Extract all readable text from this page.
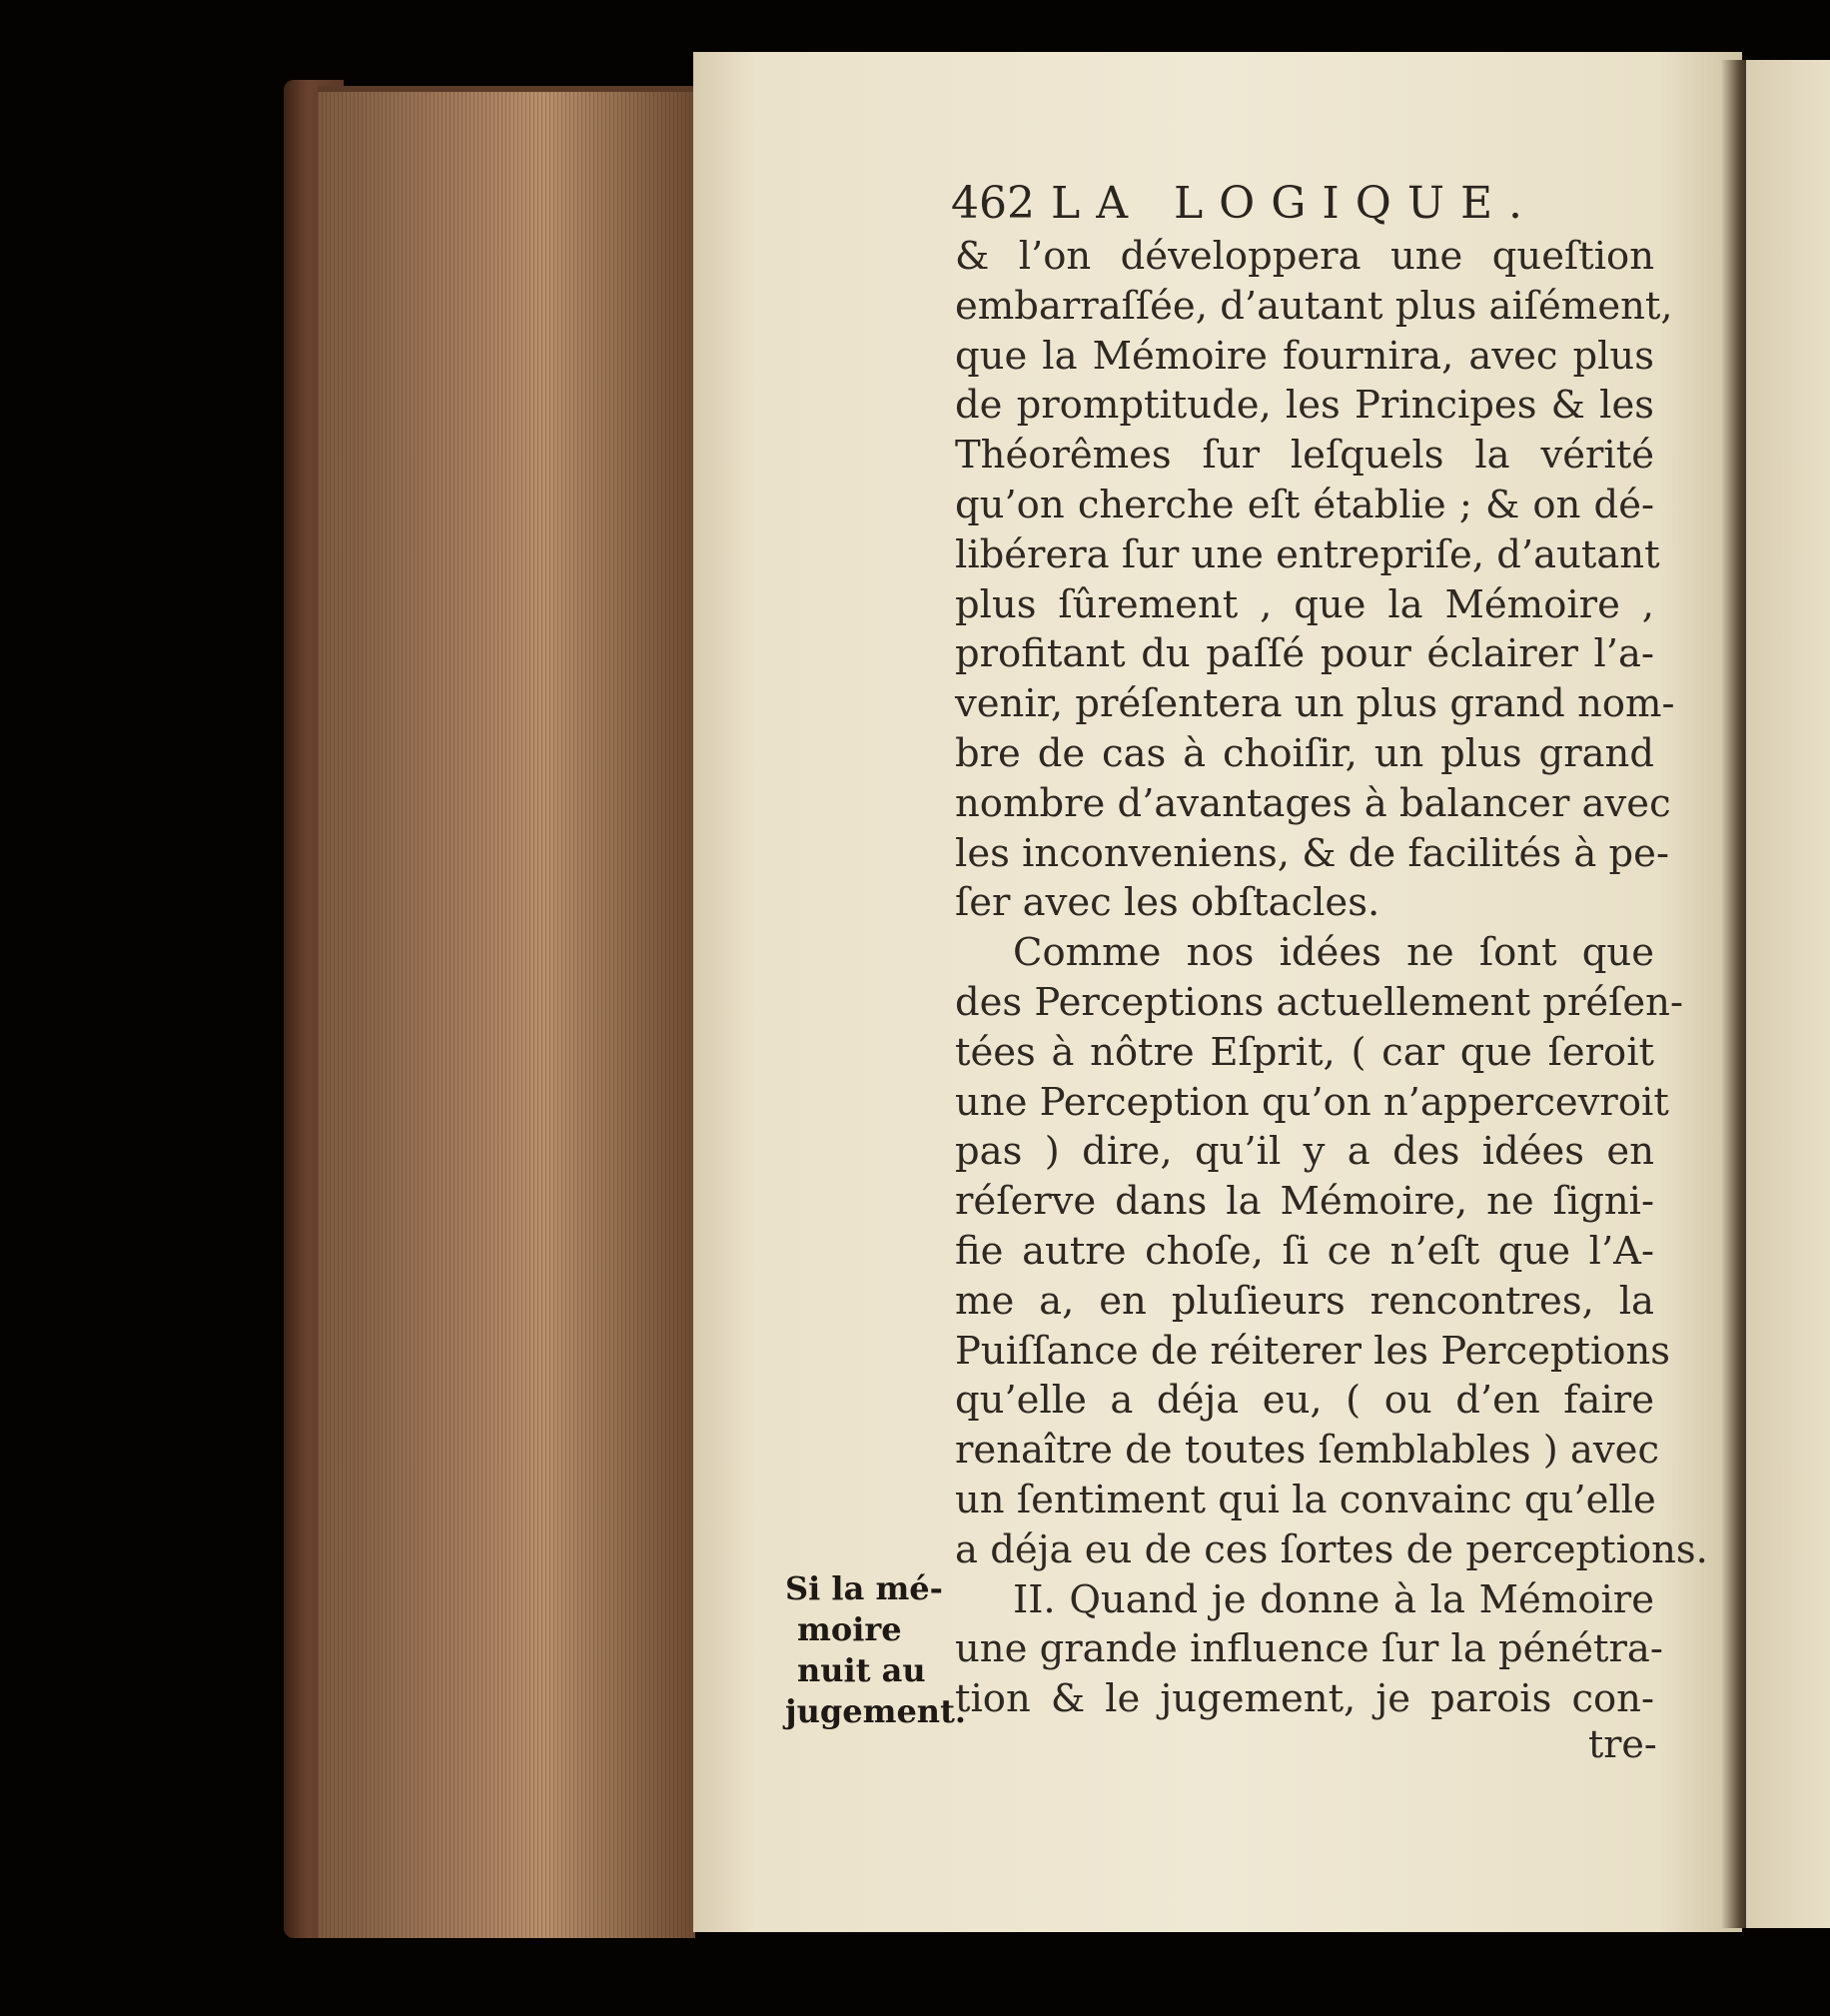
462 LA LOGIQUE.
& l’on développera une queſtion
embarraſſée, d’autant plus aiſément,
que la Mémoire fournira, avec plus
de promptitude, les Principes & les
Théorêmes ſur leſquels la vérité
qu’on cherche eſt établie ; & on dé-
libérera ſur une entrepriſe, d’autant
plus ſûrement , que la Mémoire ,
profitant du paſſé pour éclairer l’a-
venir, préſentera un plus grand nom-
bre de cas à choiſir, un plus grand
nombre d’avantages à balancer avec
les inconveniens, & de facilités à pe-
ſer avec les obſtacles.
Comme nos idées ne ſont que
des Perceptions actuellement préſen-
tées à nôtre Eſprit, ( car que ſeroit
une Perception qu’on n’appercevroit
pas ) dire, qu’il y a des idées en
réſerve dans la Mémoire, ne ſigni-
fie autre choſe, ſi ce n’eſt que l’A-
me a, en pluſieurs rencontres, la
Puiſſance de réiterer les Perceptions
qu’elle a déja eu, ( ou d’en faire
renaître de toutes ſemblables ) avec
un ſentiment qui la convainc qu’elle
a déja eu de ces ſortes de perceptions.
II. Quand je donne à la Mémoire
une grande influence ſur la pénétra-
tion & le jugement, je parois con-
tre-
Si la mé-
moire
nuit au
jugement.
